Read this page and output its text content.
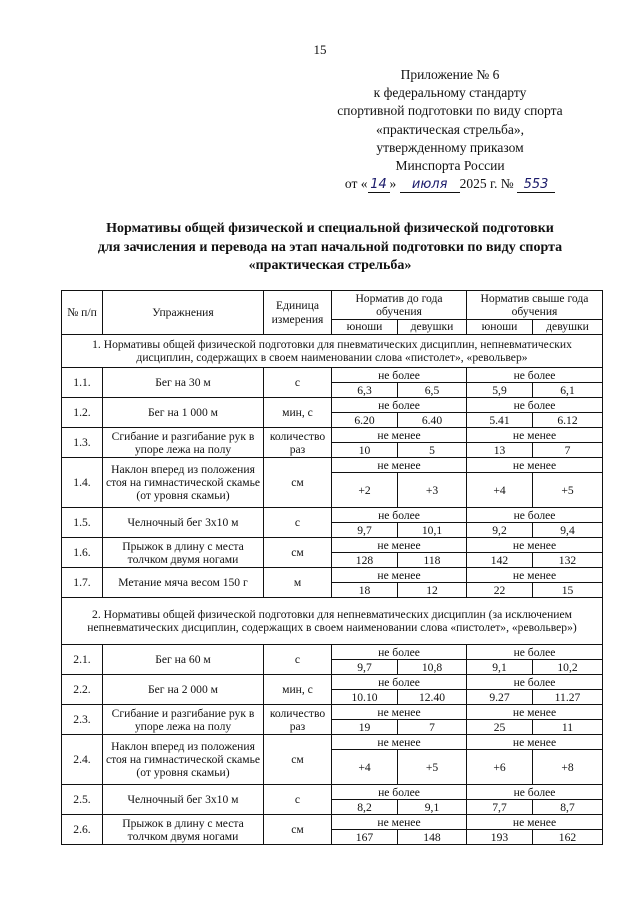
15
Приложение № 6
к федеральному стандарту
спортивной подготовки по виду спорта
«практическая стрельба»,
утвержденному приказом
Минспорта России
от « 14 » июля 2025 г. № 553
Нормативы общей физической и специальной физической подготовки
для зачисления и перевода на этап начальной подготовки по виду спорта
«практическая стрельба»
№ п/п	Упражнения	Единица измерения	Норматив до года обучения		Норматив свыше года обучения	
			юноши	девушки	юноши	девушки
1. Нормативы общей физической подготовки для пневматических дисциплин, непневматических дисциплин, содержащих в своем наименовании слова «пистолет», «револьвер»						
1.1.	Бег на 30 м	с	не более		не более	
			6,3	6,5	5,9	6,1
1.2.	Бег на 1 000 м	мин, с	не более		не более	
			6.20	6.40	5.41	6.12
1.3.	Сгибание и разгибание рук в упоре лежа на полу	количество раз	не менее		не менее	
			10	5	13	7
1.4.	Наклон вперед из положения стоя на гимнастической скамье (от уровня скамьи)	см	не менее		не менее	
			+2	+3	+4	+5
1.5.	Челночный бег 3x10 м	с	не более		не более	
			9,7	10,1	9,2	9,4
1.6.	Прыжок в длину с места толчком двумя ногами	см	не менее		не менее	
			128	118	142	132
1.7.	Метание мяча весом 150 г	м	не менее		не менее	
			18	12	22	15
2. Нормативы общей физической подготовки для непневматических дисциплин (за исключением непневматических дисциплин, содержащих в своем наименовании слова «пистолет», «револьвер»)						
2.1.	Бег на 60 м	с	не более		не более	
			9,7	10,8	9,1	10,2
2.2.	Бег на 2 000 м	мин, с	не более		не более	
			10.10	12.40	9.27	11.27
2.3.	Сгибание и разгибание рук в упоре лежа на полу	количество раз	не менее		не менее	
			19	7	25	11
2.4.	Наклон вперед из положения стоя на гимнастической скамье (от уровня скамьи)	см	не менее		не менее	
			+4	+5	+6	+8
2.5.	Челночный бег 3x10 м	с	не более		не более	
			8,2	9,1	7,7	8,7
2.6.	Прыжок в длину с места толчком двумя ногами	см	не менее		не менее	
			167	148	193	162
